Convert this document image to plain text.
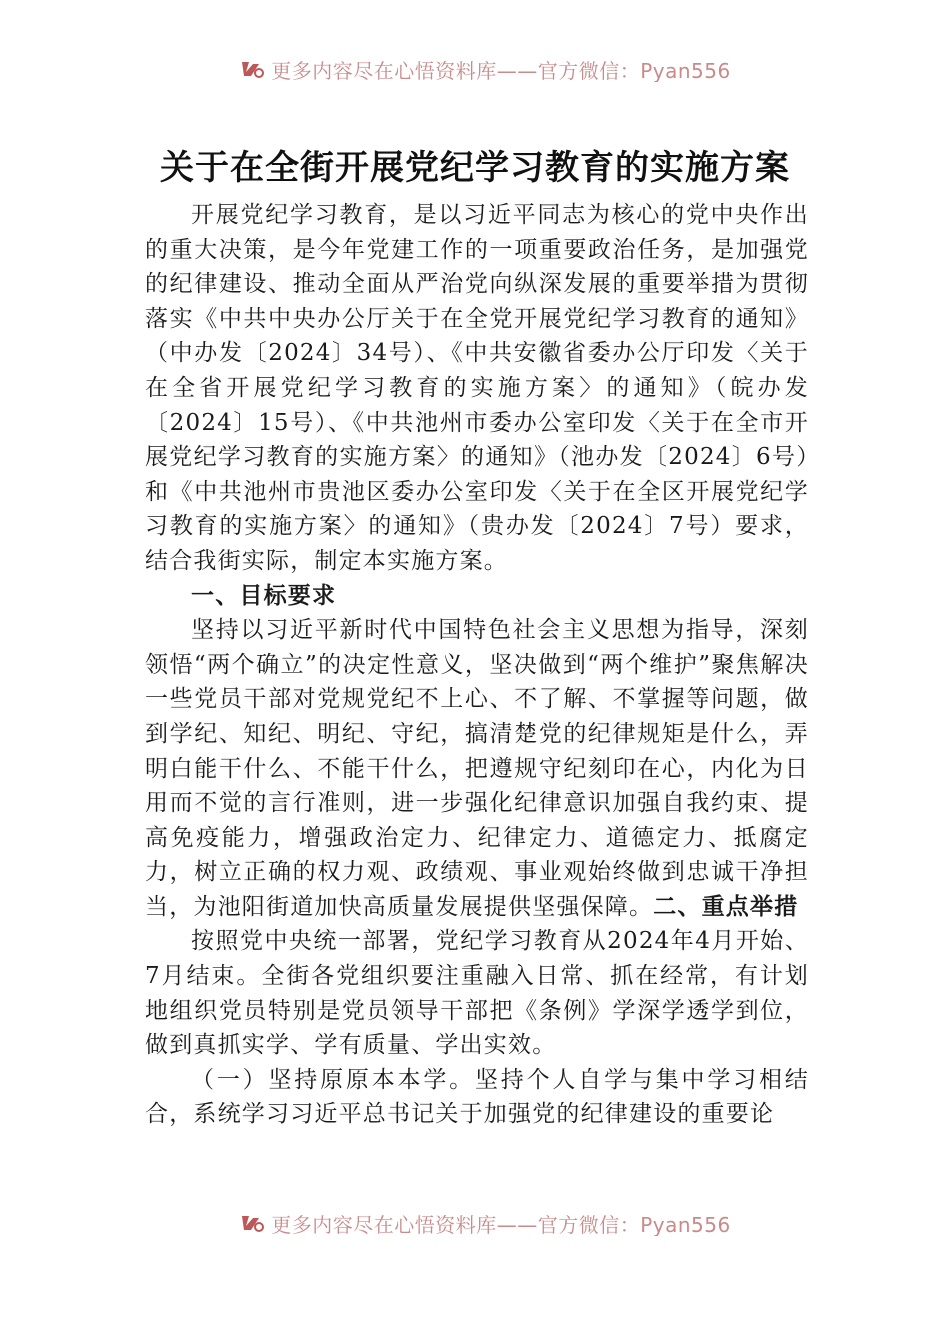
更多内容尽在心悟资料库——官方微信：Pyan556
关于在全街开展党纪学习教育的实施方案

开展党纪学习教育，是以习近平同志为核心的党中央作出的重大决策，是今年党建工作的一项重要政治任务，是加强党的纪律建设、推动全面从严治党向纵深发展的重要举措为贯彻落实《中共中央办公厅关于在全党开展党纪学习教育的通知》（中办发〔2024〕34号）、《中共安徽省委办公厅印发〈关于在全省开展党纪学习教育的实施方案〉的通知》（皖办发〔2024〕15号）、《中共池州市委办公室印发〈关于在全市开展党纪学习教育的实施方案〉的通知》（池办发〔2024〕6号）和《中共池州市贵池区委办公室印发〈关于在全区开展党纪学习教育的实施方案〉的通知》（贵办发〔2024〕7号）要求，结合我街实际，制定本实施方案。

一、目标要求

坚持以习近平新时代中国特色社会主义思想为指导，深刻领悟“两个确立”的决定性意义，坚决做到“两个维护”聚焦解决一些党员干部对党规党纪不上心、不了解、不掌握等问题，做到学纪、知纪、明纪、守纪，搞清楚党的纪律规矩是什么，弄明白能干什么、不能干什么，把遵规守纪刻印在心，内化为日用而不觉的言行准则，进一步强化纪律意识加强自我约束、提高免疫能力，增强政治定力、纪律定力、道德定力、抵腐定力，树立正确的权力观、政绩观、事业观始终做到忠诚干净担当，为池阳街道加快高质量发展提供坚强保障。二、重点举措

按照党中央统一部署，党纪学习教育从2024年4月开始、7月结束。全街各党组织要注重融入日常、抓在经常，有计划地组织党员特别是党员领导干部把《条例》学深学透学到位，做到真抓实学、学有质量、学出实效。

（一）坚持原原本本学。坚持个人自学与集中学习相结合，系统学习习近平总书记关于加强党的纪律建设的重要论

更多内容尽在心悟资料库——官方微信：Pyan556
